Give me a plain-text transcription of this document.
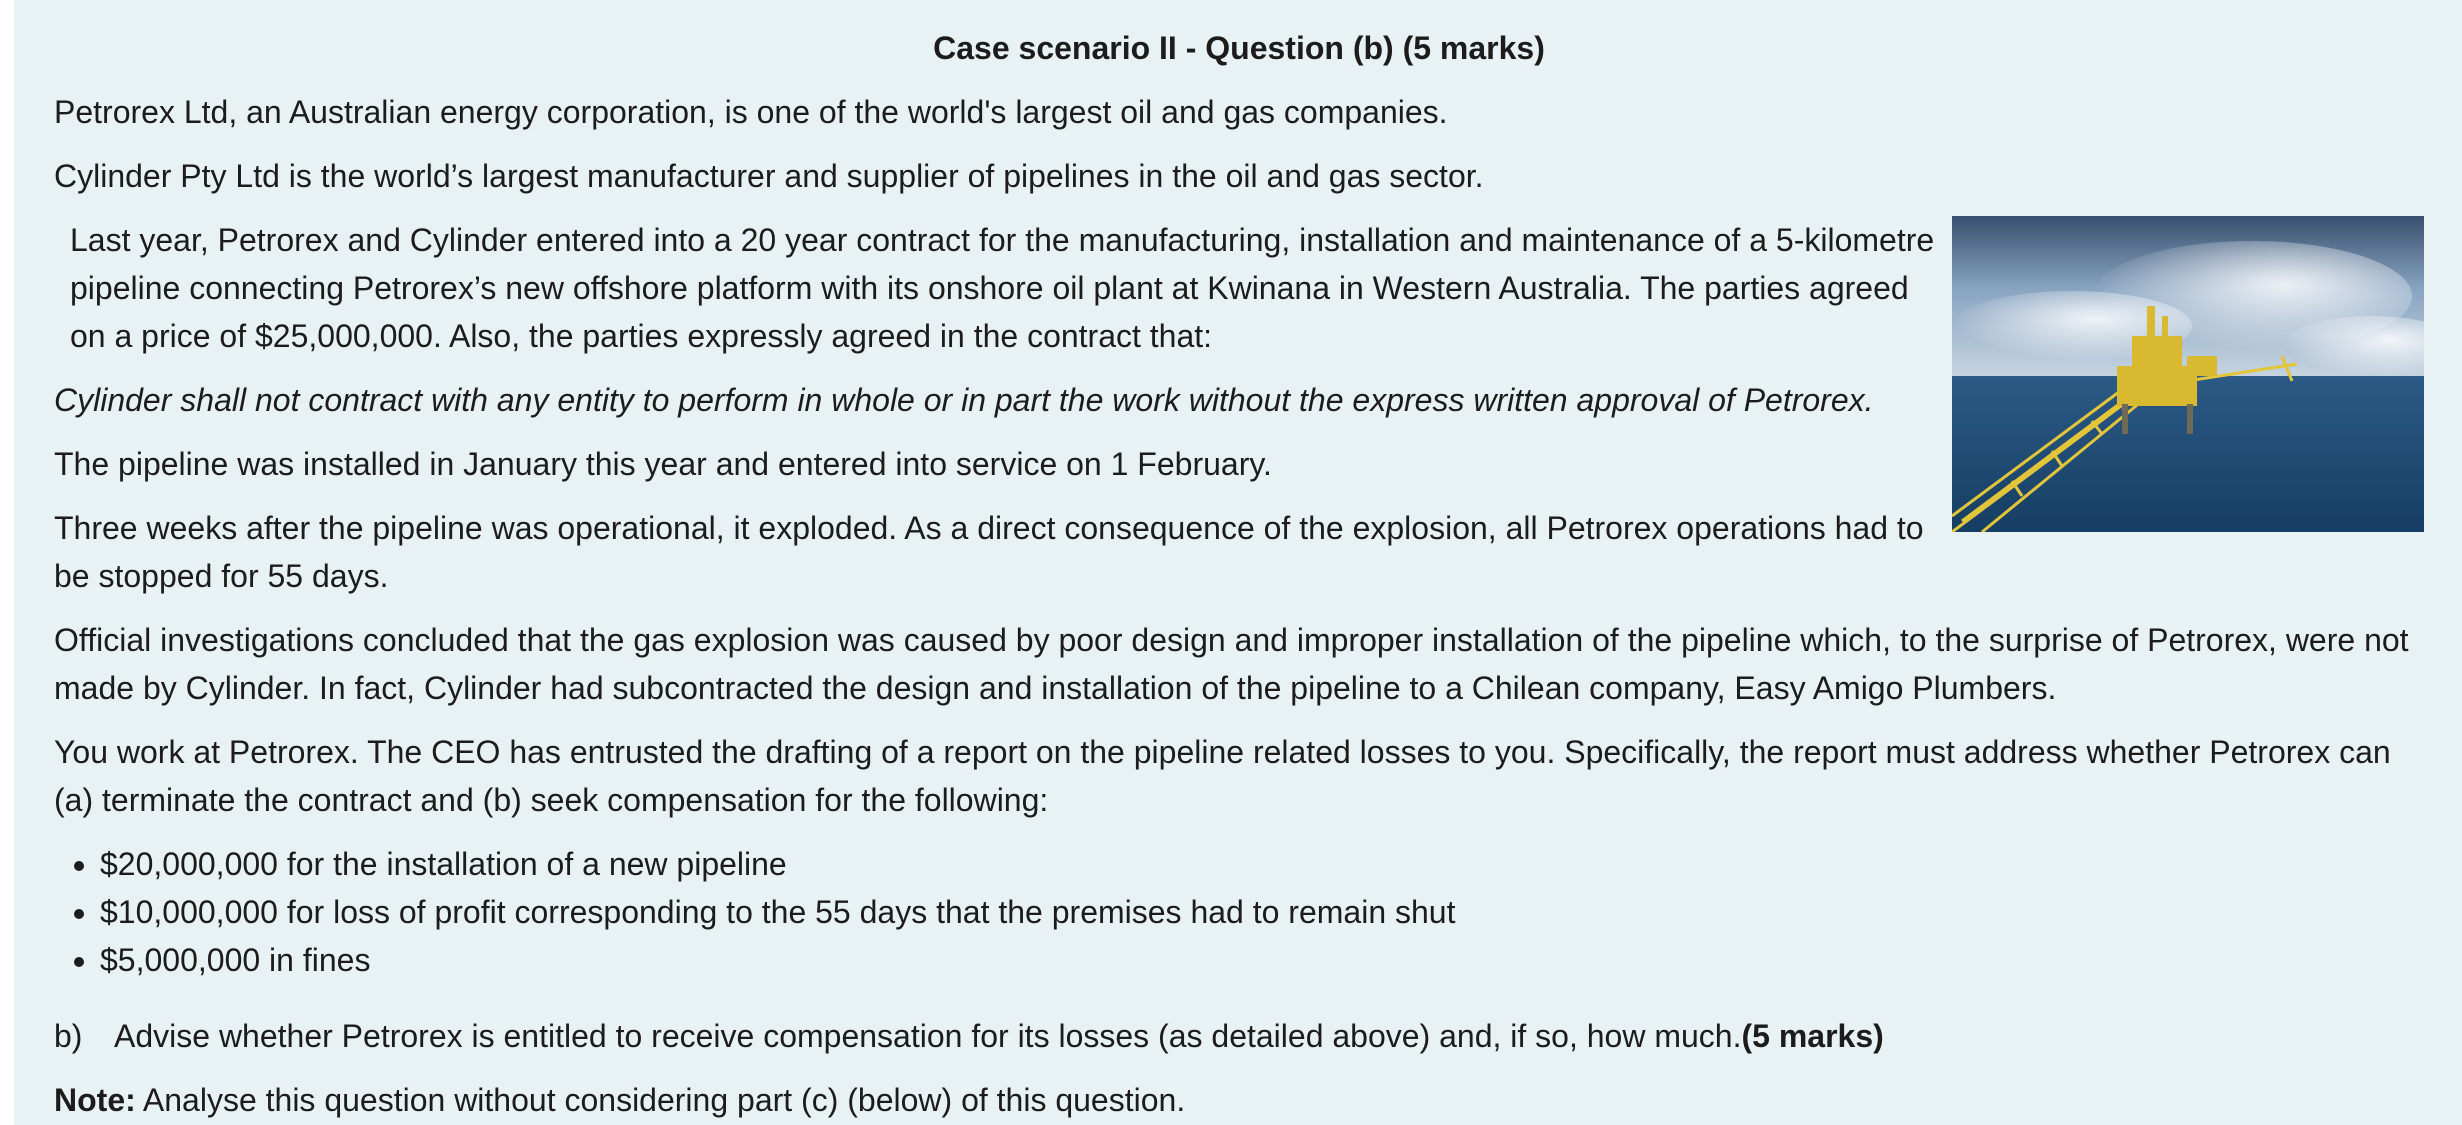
Case scenario II - Question (b) (5 marks)

Petrorex Ltd, an Australian energy corporation, is one of the world's largest oil and gas companies.

Cylinder Pty Ltd is the world’s largest manufacturer and supplier of pipelines in the oil and gas sector.

Last year, Petrorex and Cylinder entered into a 20 year contract for the manufacturing, installation and maintenance of a 5-kilometre pipeline connecting Petrorex’s new offshore platform with its onshore oil plant at Kwinana in Western Australia. The parties agreed on a price of $25,000,000. Also, the parties expressly agreed in the contract that:

Cylinder shall not contract with any entity to perform in whole or in part the work without the express written approval of Petrorex.

The pipeline was installed in January this year and entered into service on 1 February.

Three weeks after the pipeline was operational, it exploded. As a direct consequence of the explosion, all Petrorex operations had to be stopped for 55 days.

Official investigations concluded that the gas explosion was caused by poor design and improper installation of the pipeline which, to the surprise of Petrorex, were not made by Cylinder. In fact, Cylinder had subcontracted the design and installation of the pipeline to a Chilean company, Easy Amigo Plumbers.

You work at Petrorex. The CEO has entrusted the drafting of a report on the pipeline related losses to you. Specifically, the report must address whether Petrorex can (a) terminate the contract and (b) seek compensation for the following:

• $20,000,000 for the installation of a new pipeline
• $10,000,000 for loss of profit corresponding to the 55 days that the premises had to remain shut
• $5,000,000 in fines

b) Advise whether Petrorex is entitled to receive compensation for its losses (as detailed above) and, if so, how much.(5 marks)

Note: Analyse this question without considering part (c) (below) of this question.
